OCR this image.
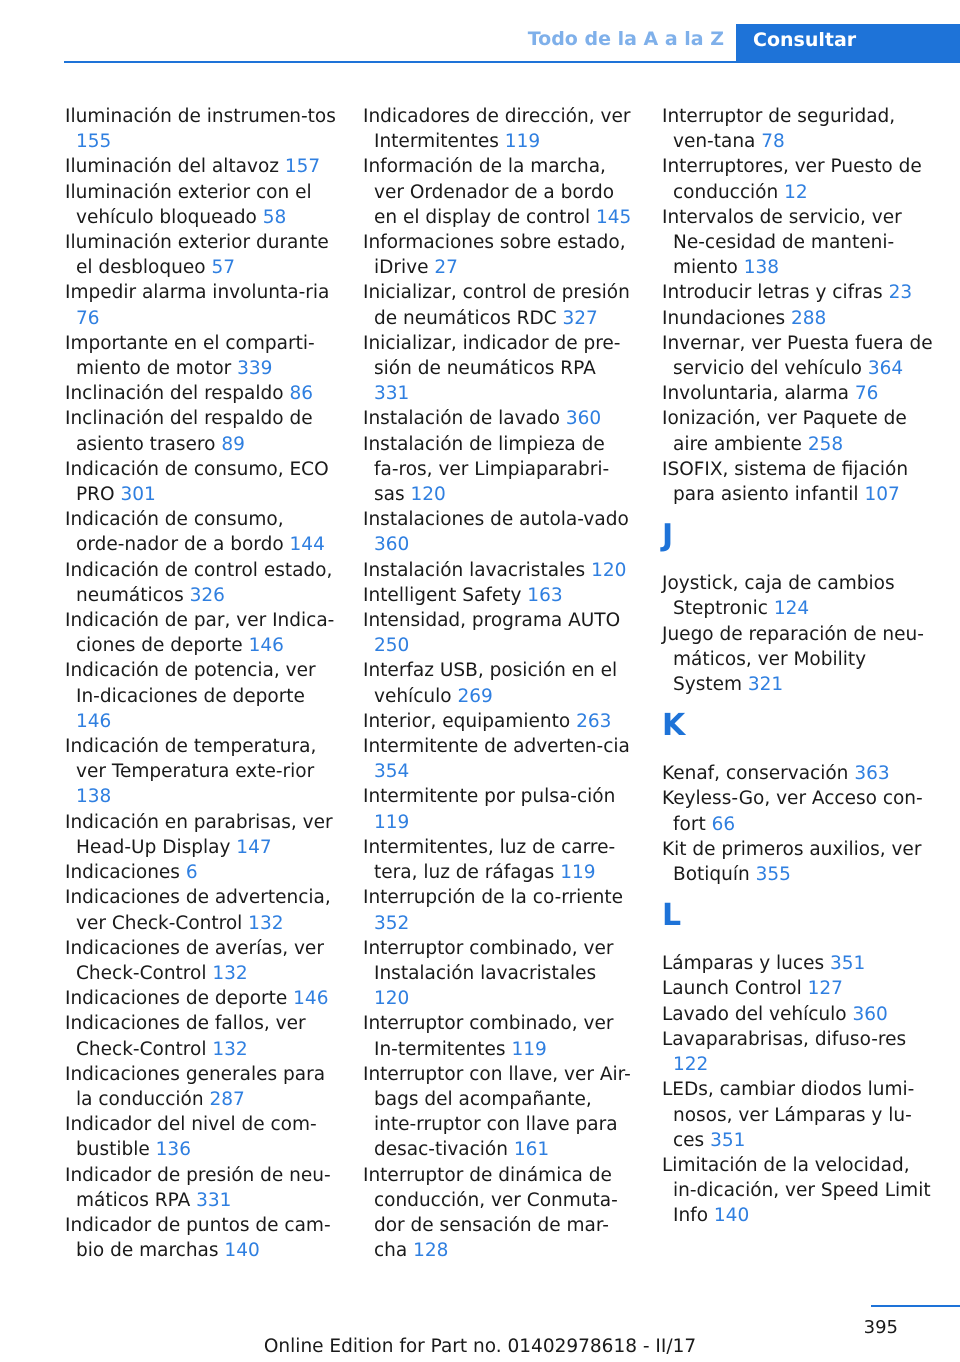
Todo de la A a la Z	Consultar
Iluminación de instrumen-tos 155
Iluminación del altavoz 157
Iluminación exterior con el vehículo bloqueado 58
Iluminación exterior durante el desbloqueo 57
Impedir alarma involunta-ria 76
Importante en el comparti-miento de motor 339
Inclinación del respaldo 86
Inclinación del respaldo de asiento trasero 89
Indicación de consumo, ECO PRO 301
Indicación de consumo, orde-nador de a bordo 144
Indicación de control estado, neumáticos 326
Indicación de par, ver Indica-ciones de deporte 146
Indicación de potencia, ver In-dicaciones de deporte 146
Indicación de temperatura, ver Temperatura exte-rior 138
Indicación en parabrisas, ver Head-Up Display 147
Indicaciones 6
Indicaciones de advertencia, ver Check-Control 132
Indicaciones de averías, ver Check-Control 132
Indicaciones de deporte 146
Indicaciones de fallos, ver Check-Control 132
Indicaciones generales para la conducción 287
Indicador del nivel de com-bustible 136
Indicador de presión de neu-máticos RPA 331
Indicador de puntos de cam-bio de marchas 140
Indicadores de dirección, ver Intermitentes 119
Información de la marcha, ver Ordenador de a bordo en el display de control 145
Informaciones sobre estado, iDrive 27
Inicializar, control de presión de neumáticos RDC 327
Inicializar, indicador de pre-sión de neumáticos RPA 331
Instalación de lavado 360
Instalación de limpieza de fa-ros, ver Limpiaparabri-sas 120
Instalaciones de autola-vado 360
Instalación lavacristales 120
Intelligent Safety 163
Intensidad, programa AUTO 250
Interfaz USB, posición en el vehículo 269
Interior, equipamiento 263
Intermitente de adverten-cia 354
Intermitente por pulsa-ción 119
Intermitentes, luz de carre-tera, luz de ráfagas 119
Interrupción de la co-rriente 352
Interruptor combinado, ver Instalación lavacristales 120
Interruptor combinado, ver In-termitentes 119
Interruptor con llave, ver Air-bags del acompañante, inte-rruptor con llave para desac-tivación 161
Interruptor de dinámica de conducción, ver Conmuta-dor de sensación de mar-cha 128
Interruptor de seguridad, ven-tana 78
Interruptores, ver Puesto de conducción 12
Intervalos de servicio, ver Ne-cesidad de manteni-miento 138
Introducir letras y cifras 23
Inundaciones 288
Invernar, ver Puesta fuera de servicio del vehículo 364
Involuntaria, alarma 76
Ionización, ver Paquete de aire ambiente 258
ISOFIX, sistema de fijación para asiento infantil 107
J
Joystick, caja de cambios Steptronic 124
Juego de reparación de neu-máticos, ver Mobility System 321
K
Kenaf, conservación 363
Keyless-Go, ver Acceso con-fort 66
Kit de primeros auxilios, ver Botiquín 355
L
Lámparas y luces 351
Launch Control 127
Lavado del vehículo 360
Lavaparabrisas, difuso-res 122
LEDs, cambiar diodos lumi-nosos, ver Lámparas y lu-ces 351
Limitación de la velocidad, in-dicación, ver Speed Limit Info 140
395
Online Edition for Part no. 01402978618 - II/17
